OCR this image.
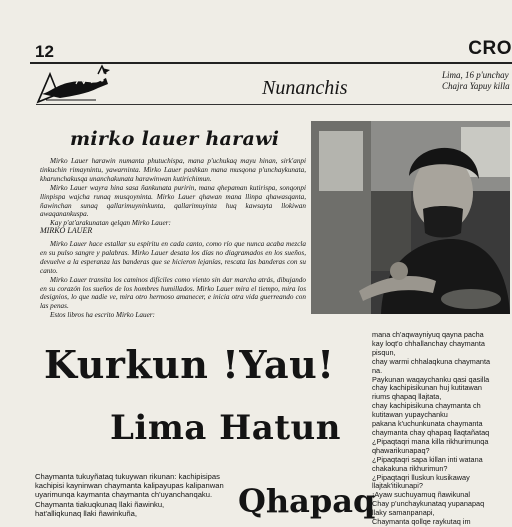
12	CRO
Nunanchis
Lima, 16 p'unchay
Chajra Yapuy killa
mirko lauer harawi

Mirko Lauer harawin numanta phutuchispa, mana p'uchukaq mayu hinan, sirk'anpi tinkuchin rimaynintu, yawarninta. Mirko Lauer pashkan mana musqona p'unchaykunata, kharunchakusqa unanchakunata harawinwan kutirichimun.

Mirko Lauer wayra hina sasa ñankunata puririn, mana qhepaman kutirispa, sonqonpi llinpispa wajcha runaq musqoyninta. Mirko Lauer qhawan mana llinpa qhawasqanta, ñawinchan sunaq qallarimuyninkunta, qallarimuyinta huq kawsayta llokiwan awaqanankuspa.

Kay p'at'arakunatan qelqan Mirko Lauer:

MIRKO LAUER

Mirko Lauer hace estallar su espíritu en cada canto, como río que nunca acaba mezcla en su pulso sangre y palabras. Mirko Lauer desata los días no diagramados en los sueños, devuelve a la esperanza las banderas que se hicieron lejanías, rescata las banderas con su canto.

Mirko Lauer transita los caminos difíciles como viento sin dar marcha atrás, dibujando en su corazón los sueños de los hombres humillados. Mirko Lauer mira el tiempo, mira los designios, lo que nadie ve, mira otro hermoso amanecer, e inicia otra vida guerreando con las penas.

Estos libros ha escrito Mirko Lauer:

Kurkun !Yau!
Lima Hatun
Qhapaq

Chaymanta tukuyñataq tukuywan rikunan: kachipisipas

kachipisi kayninwan chaymanta kalipayupas kalipanwan

uyarimunqa kaymanta chaymanta ch'uyanchanqaku.

Chaymanta tiakuqkunaq llaki ñawinku,

hat'alliqkunaq llaki ñawinkuña,

mana ch'aqwayniyuq qayna pacha

kay loqt'o chhallanchay chaymanta

pisqun,

chay warmi chhalaqkuna chaymanta

na.

Paykunan waqaychanku qasi qasilla

chay kachipisikunan huj kutitawan

riums qhapaq llajtata,

chay kachipisikuna chaymanta ch

kutitawan yupaychanku

pakana k'uchunkunata chaymanta

chaymanta chay qhapaq llaqtañataq

¿Pipaqtaqri mana killa rikhurimunqa

qhawarikunapaq?

¿Pipaqtaqri sapa killan inti watana

chakakuna rikhurimun?

¿Pipaqtaqri lluskun kusikaway

llajtak'itikunapi?

¡Ayaw suchuyamuq ñawikunal

Chay p'unchaykunataq yupanapaq

llaky samanpanapi,

Chaymanta qollqe raykutaq im
